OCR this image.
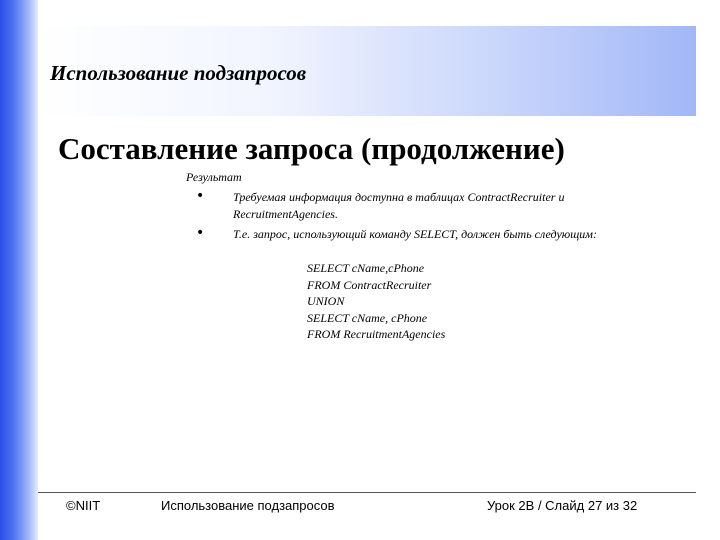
Использование подзапросов
Составление запроса (продолжение)
Результат
• Требуемая информация доступна в таблицах ContractRecruiter и RecruitmentAgencies.
• Т.е. запрос, использующий команду SELECT, должен быть следующим:
SELECT cName,cPhone
FROM ContractRecruiter
UNION
SELECT cName, cPhone
FROM RecruitmentAgencies
©NIIT	Использование подзапросов	Урок 2B / Слайд 27 из 32
